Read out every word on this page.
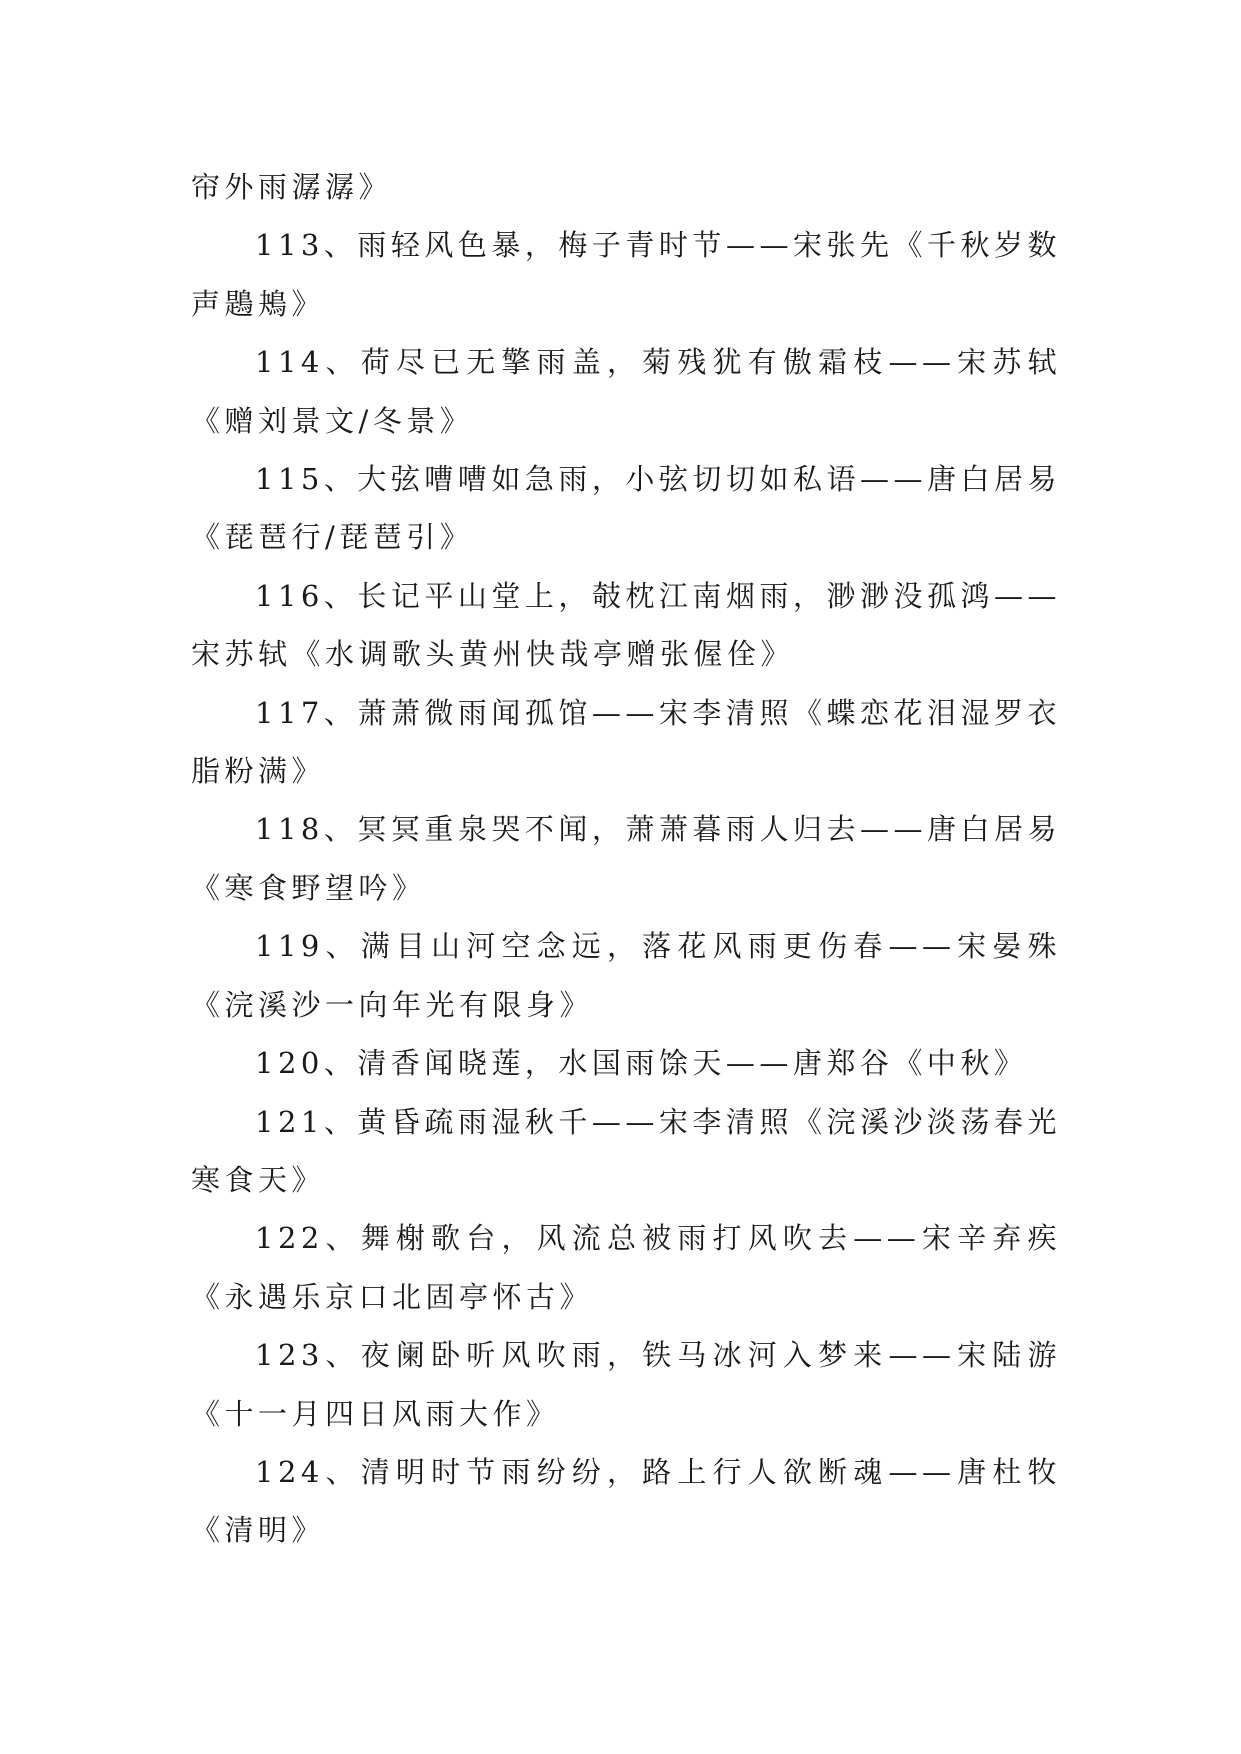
帘外雨潺潺》

113、雨轻风色暴，梅子青时节——宋张先《千秋岁数声鶗鴂》

114、荷尽已无擎雨盖，菊残犹有傲霜枝——宋苏轼《赠刘景文/冬景》

115、大弦嘈嘈如急雨，小弦切切如私语——唐白居易《琵琶行/琵琶引》

116、长记平山堂上，攲枕江南烟雨，渺渺没孤鸿——宋苏轼《水调歌头黄州快哉亭赠张偓佺》

117、萧萧微雨闻孤馆——宋李清照《蝶恋花泪湿罗衣脂粉满》

118、冥冥重泉哭不闻，萧萧暮雨人归去——唐白居易《寒食野望吟》

119、满目山河空念远，落花风雨更伤春——宋晏殊《浣溪沙一向年光有限身》

120、清香闻晓莲，水国雨馀天——唐郑谷《中秋》

121、黄昏疏雨湿秋千——宋李清照《浣溪沙淡荡春光寒食天》

122、舞榭歌台，风流总被雨打风吹去——宋辛弃疾《永遇乐京口北固亭怀古》

123、夜阑卧听风吹雨，铁马冰河入梦来——宋陆游《十一月四日风雨大作》

124、清明时节雨纷纷，路上行人欲断魂——唐杜牧《清明》
